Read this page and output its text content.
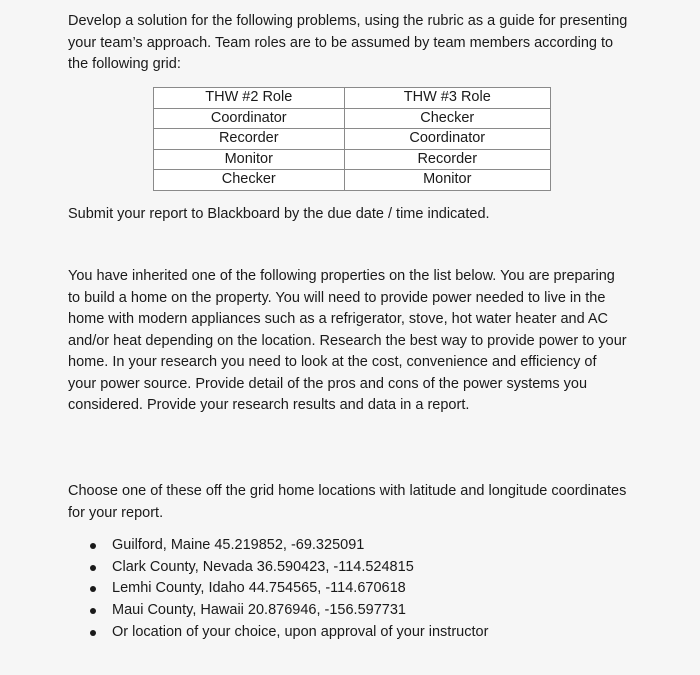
Develop a solution for the following problems, using the rubric as a guide for presenting your team’s approach. Team roles are to be assumed by team members according to the following grid:

THW #2 Role	THW #3 Role
Coordinator	Checker
Recorder	Coordinator
Monitor	Recorder
Checker	Monitor

Submit your report to Blackboard by the due date / time indicated.

You have inherited one of the following properties on the list below. You are preparing to build a home on the property. You will need to provide power needed to live in the home with modern appliances such as a refrigerator, stove, hot water heater and AC and/or heat depending on the location. Research the best way to provide power to your home. In your research you need to look at the cost, convenience and efficiency of your power source. Provide detail of the pros and cons of the power systems you considered. Provide your research results and data in a report.

Choose one of these off the grid home locations with latitude and longitude coordinates for your report.

Guilford, Maine 45.219852, -69.325091
Clark County, Nevada 36.590423, -114.524815
Lemhi County, Idaho 44.754565, -114.670618
Maui County, Hawaii 20.876946, -156.597731
Or location of your choice, upon approval of your instructor
